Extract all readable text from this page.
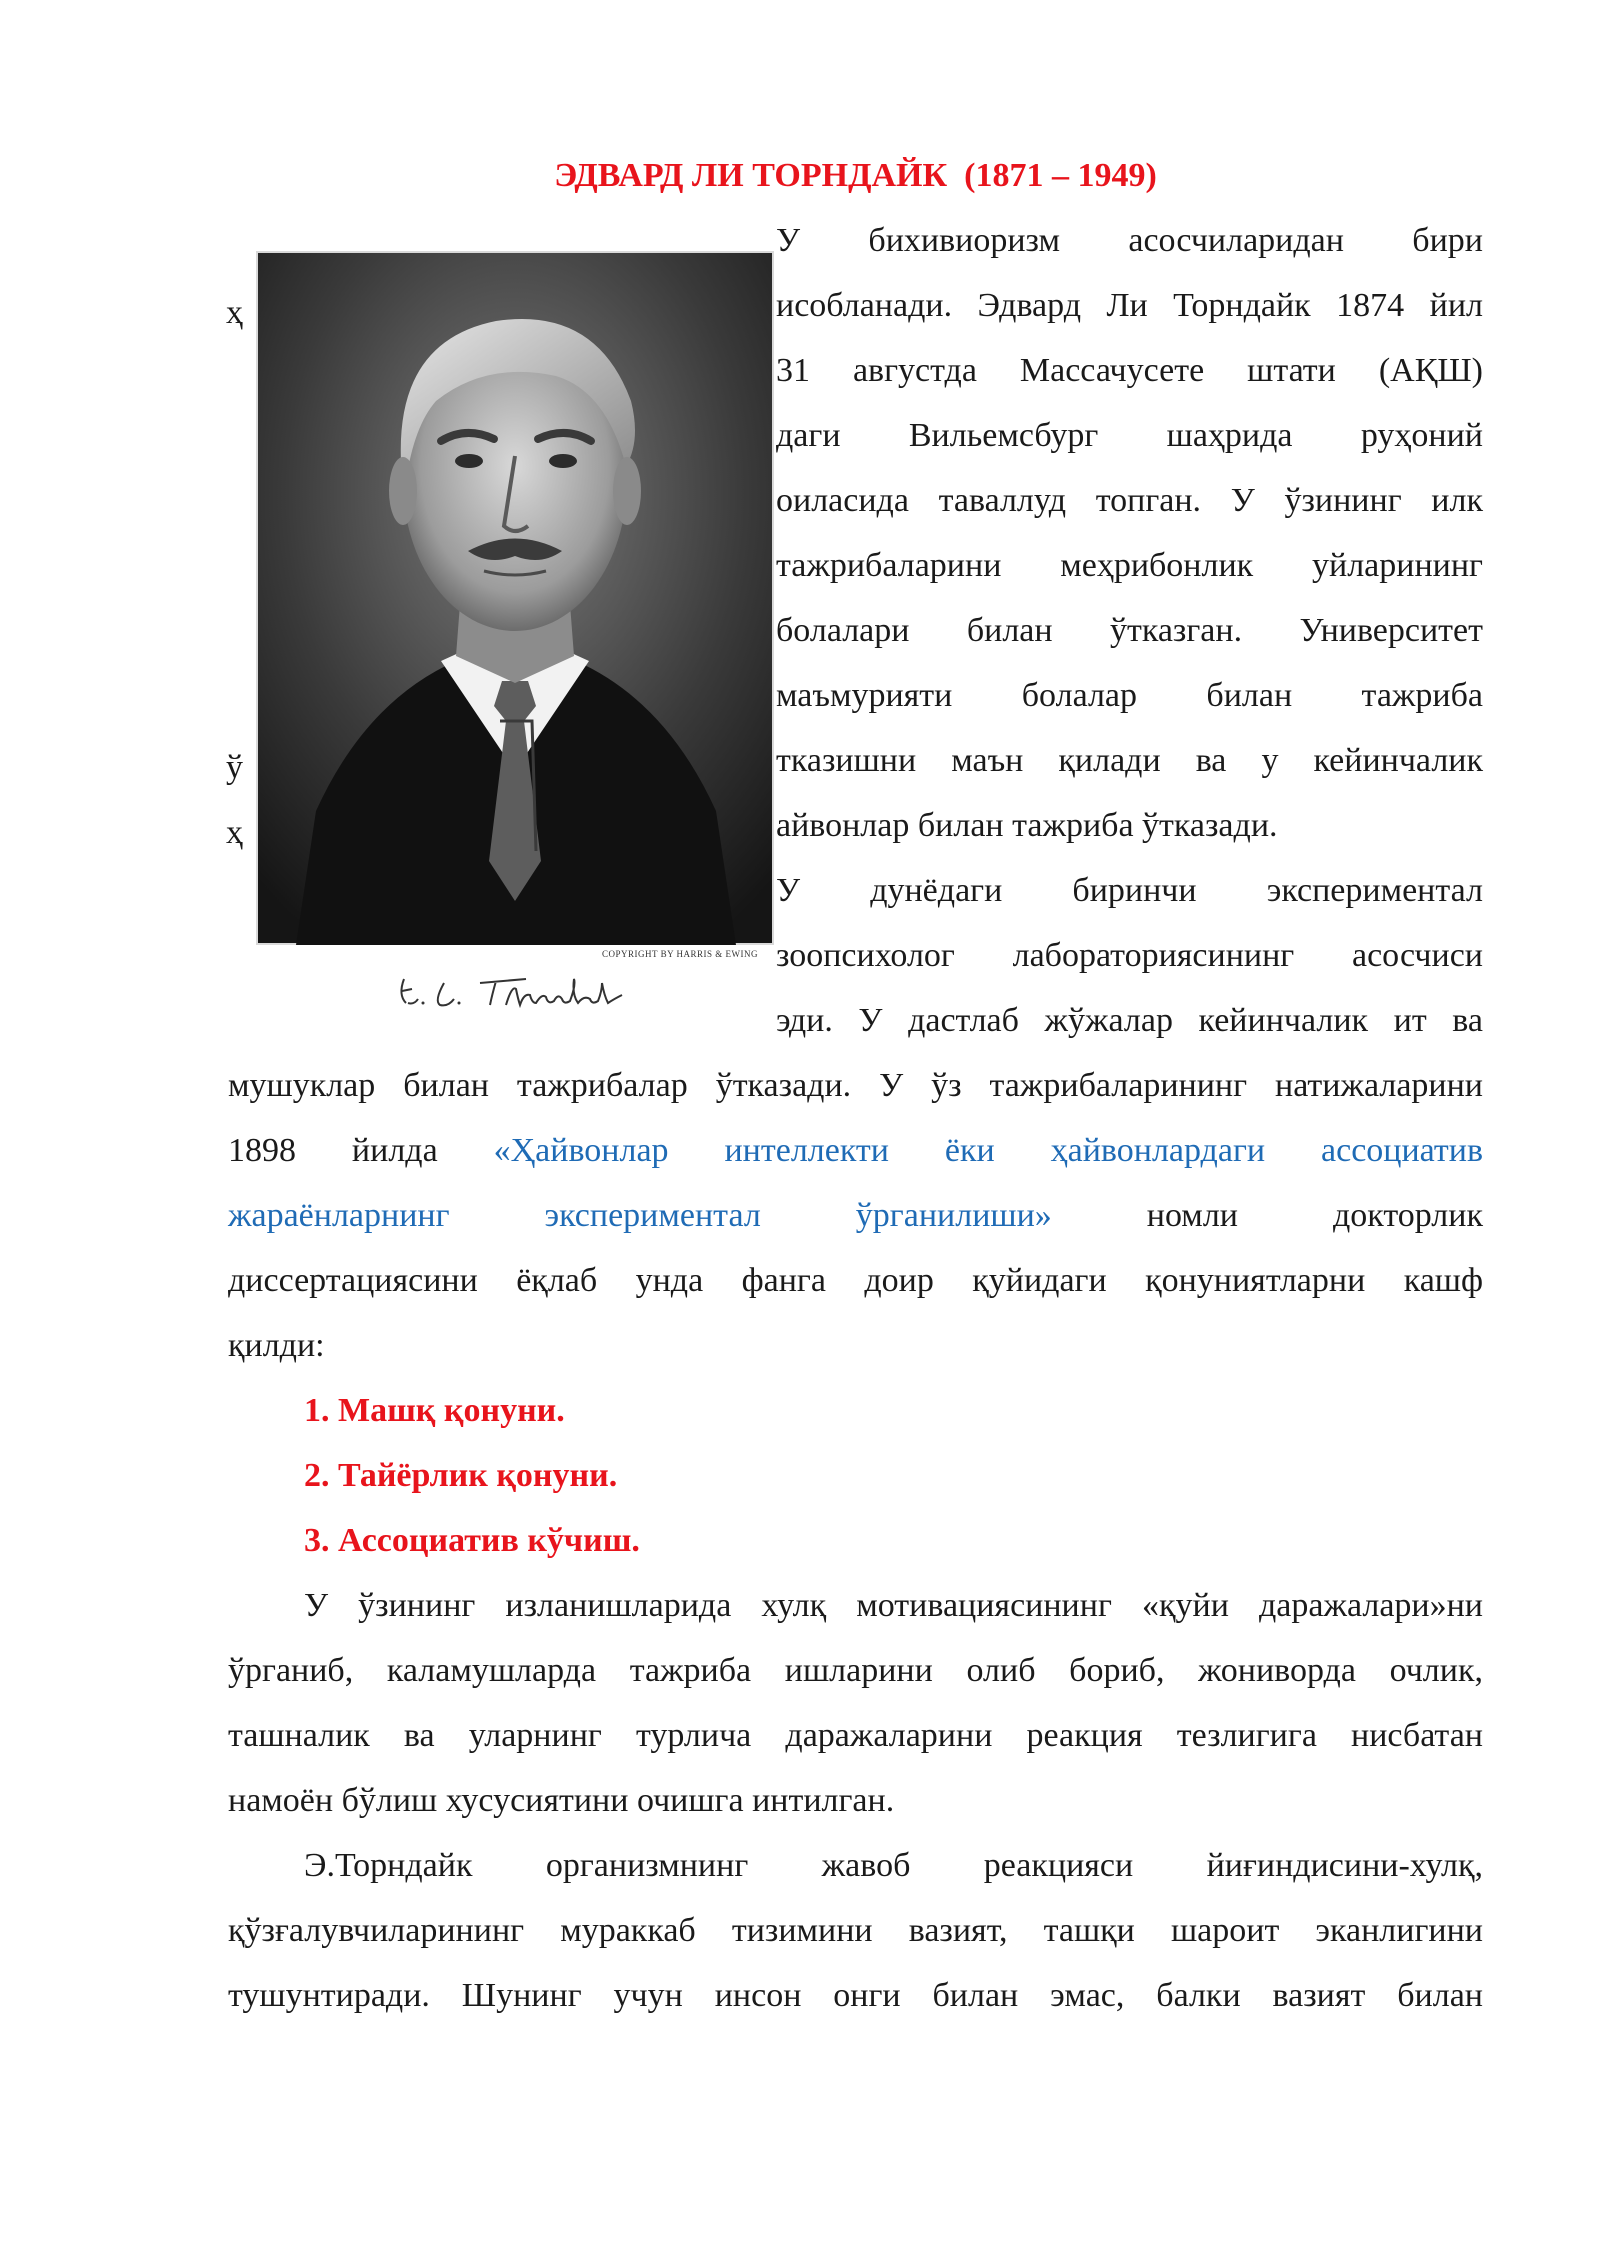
ЭДВАРД ЛИ ТОРНДАЙК  (1871 – 1949)
COPYRIGHT BY HARRIS & EWING
ҳ
ў
ҳ
У бихивиоризм асосчиларидан бири
исобланади. Эдвард Ли Торндайк 1874 йил
31 августда Массачусете штати (АҚШ)
даги Вильемсбург шаҳрида руҳоний
оиласида таваллуд топган. У ўзининг илк
тажрибаларини меҳрибонлик уйларининг
болалари билан ўтказган. Университет
маъмурияти болалар билан тажриба
тказишни маън қилади ва у кейинчалик
айвонлар билан тажриба ўтказади.
У дунёдаги биринчи экспериментал
зоопсихолог лабораториясининг асосчиси
эди. У дастлаб жўжалар кейинчалик ит ва
мушуклар билан тажрибалар ўтказади. У ўз тажрибаларининг натижаларини
1898 йилда «Ҳайвонлар интеллекти ёки ҳайвонлардаги ассоциатив
жараёнларнинг экспериментал ўрганилиши» номли докторлик
диссертациясини ёқлаб унда фанга доир қуйидаги қонуниятларни кашф
қилди:
1. Машқ қонуни.
2. Тайёрлик қонуни.
3. Ассоциатив кўчиш.
У ўзининг изланишларида хулқ мотивациясининг «қуйи даражалари»ни
ўрганиб, каламушларда тажриба ишларини олиб бориб, жониворда очлик,
ташналик ва уларнинг турлича даражаларини реакция тезлигига нисбатан
намоён бўлиш хусусиятини очишга интилган.
Э.Торндайк организмнинг жавоб реакцияси йиғиндисини-хулқ,
қўзғалувчиларининг мураккаб тизимини вазият, ташқи шароит эканлигини
тушунтиради. Шунинг учун инсон онги билан эмас, балки вазият билан
